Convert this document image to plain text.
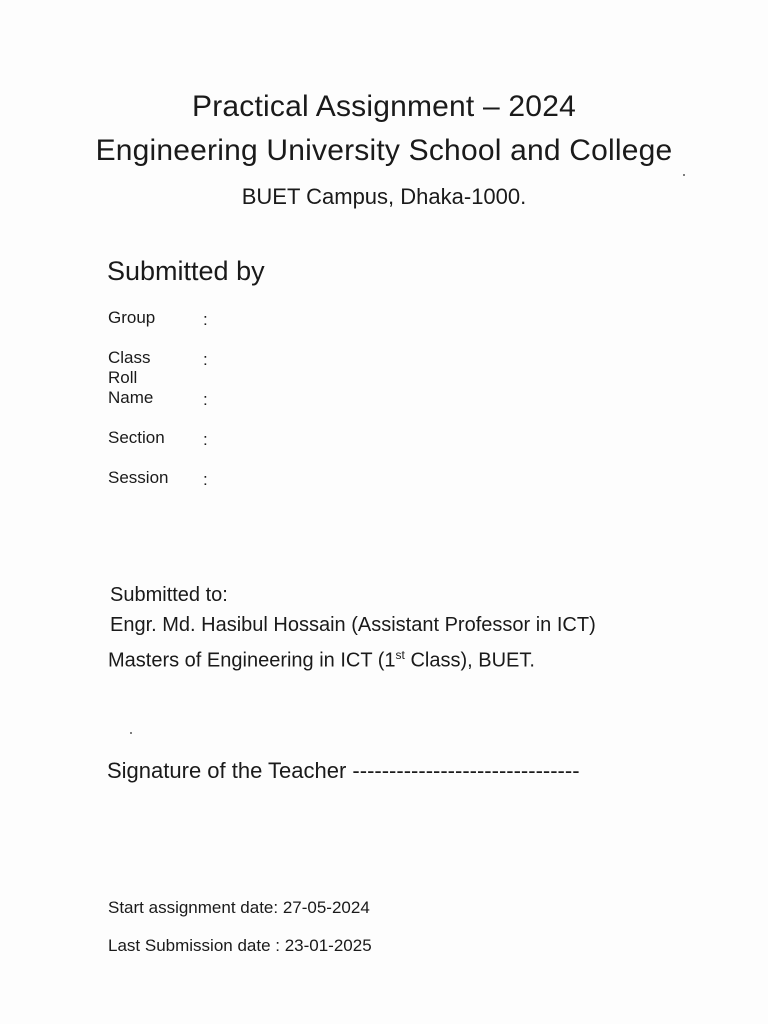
Practical Assignment – 2024
Engineering University School and College
BUET Campus, Dhaka-1000.
Submitted by
Group	:
Class Roll
:
Name	:
Section :
Session :
Submitted to:
Engr. Md. Hasibul Hossain (Assistant Professor in ICT)
Masters of Engineering in ICT (1st Class), BUET.
Signature of the Teacher -------------------------------
Start assignment date: 27-05-2024
Last Submission date : 23-01-2025
